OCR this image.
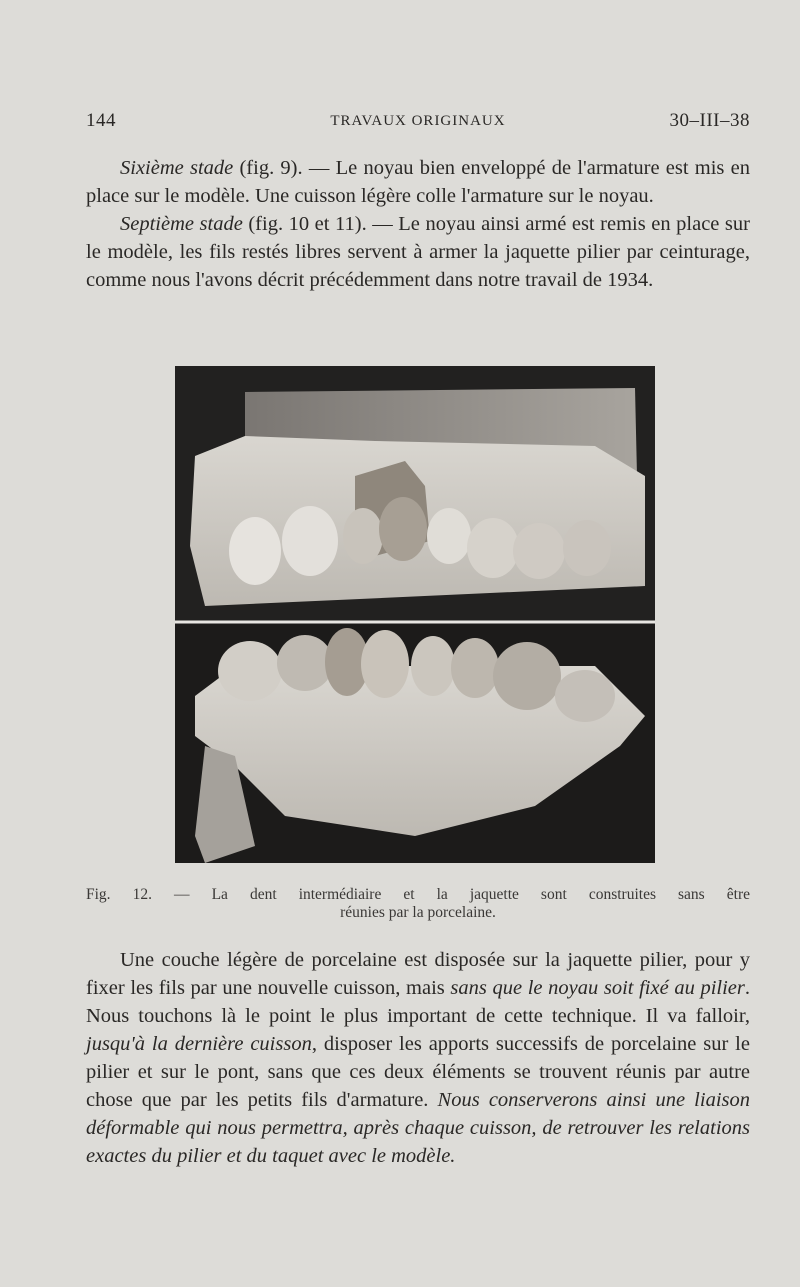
144	TRAVAUX ORIGINAUX	30–III–38

Sixième stade (fig. 9). — Le noyau bien enveloppé de l'armature est mis en place sur le modèle. Une cuisson légère colle l'armature sur le noyau.

Septième stade (fig. 10 et 11). — Le noyau ainsi armé est remis en place sur le modèle, les fils restés libres servent à armer la jaquette pilier par ceinturage, comme nous l'avons décrit précédemment dans notre travail de 1934.

Fig. 12. — La dent intermédiaire et la jaquette sont construites sans être
réunies par la porcelaine.

Une couche légère de porcelaine est disposée sur la jaquette pilier, pour y fixer les fils par une nouvelle cuisson, mais sans que le noyau soit fixé au pilier. Nous touchons là le point le plus important de cette technique. Il va falloir, jusqu'à la dernière cuisson, disposer les apports successifs de porcelaine sur le pilier et sur le pont, sans que ces deux éléments se trouvent réunis par autre chose que par les petits fils d'armature. Nous conserverons ainsi une liaison déformable qui nous permettra, après chaque cuisson, de retrouver les relations exactes du pilier et du taquet avec le modèle.
